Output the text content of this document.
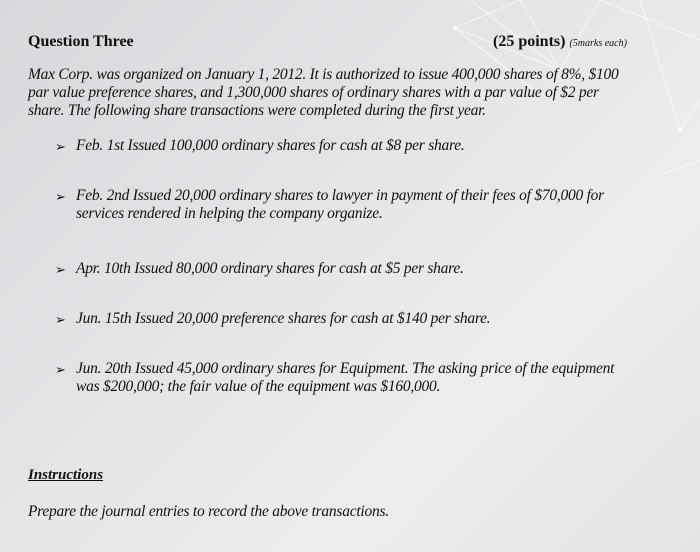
Question Three	(25 points) (5marks each)
Max Corp. was organized on January 1, 2012. It is authorized to issue 400,000 shares of 8%, $100
par value preference shares, and 1,300,000 shares of ordinary shares with a par value of $2 per
share. The following share transactions were completed during the first year.
➢ Feb. 1st Issued 100,000 ordinary shares for cash at $8 per share.
➢ Feb. 2nd Issued 20,000 ordinary shares to lawyer in payment of their fees of $70,000 for
services rendered in helping the company organize.
➢ Apr. 10th Issued 80,000 ordinary shares for cash at $5 per share.
➢ Jun. 15th Issued 20,000 preference shares for cash at $140 per share.
➢ Jun. 20th Issued 45,000 ordinary shares for Equipment. The asking price of the equipment
was $200,000; the fair value of the equipment was $160,000.
Instructions
Prepare the journal entries to record the above transactions.
